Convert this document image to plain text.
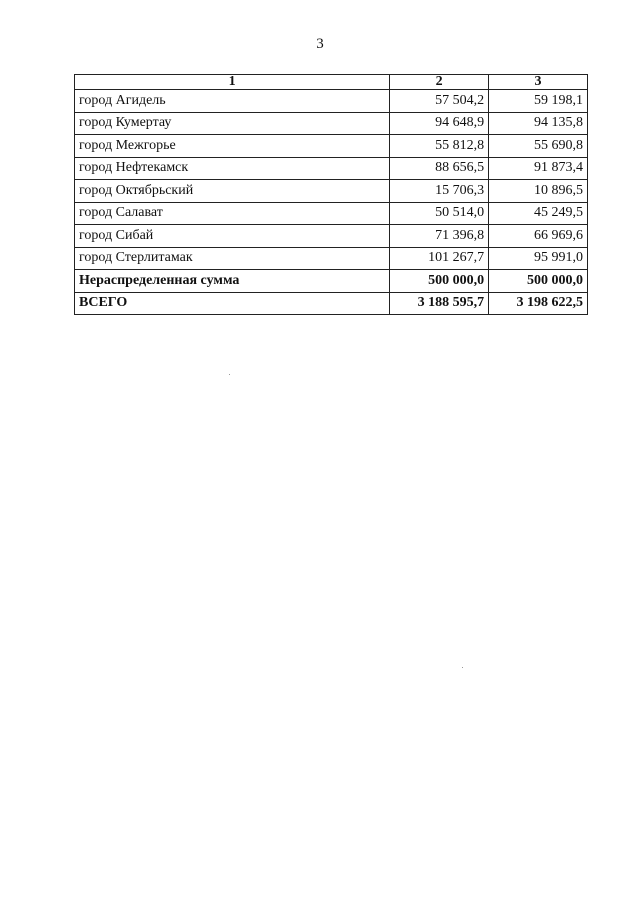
3
1	2	3
город Агидель	57 504,2	59 198,1
город Кумертау	94 648,9	94 135,8
город Межгорье	55 812,8	55 690,8
город Нефтекамск	88 656,5	91 873,4
город Октябрьский	15 706,3	10 896,5
город Салават	50 514,0	45 249,5
город Сибай	71 396,8	66 969,6
город Стерлитамак	101 267,7	95 991,0
Нераспределенная сумма	500 000,0	500 000,0
ВСЕГО	3 188 595,7	3 198 622,5
